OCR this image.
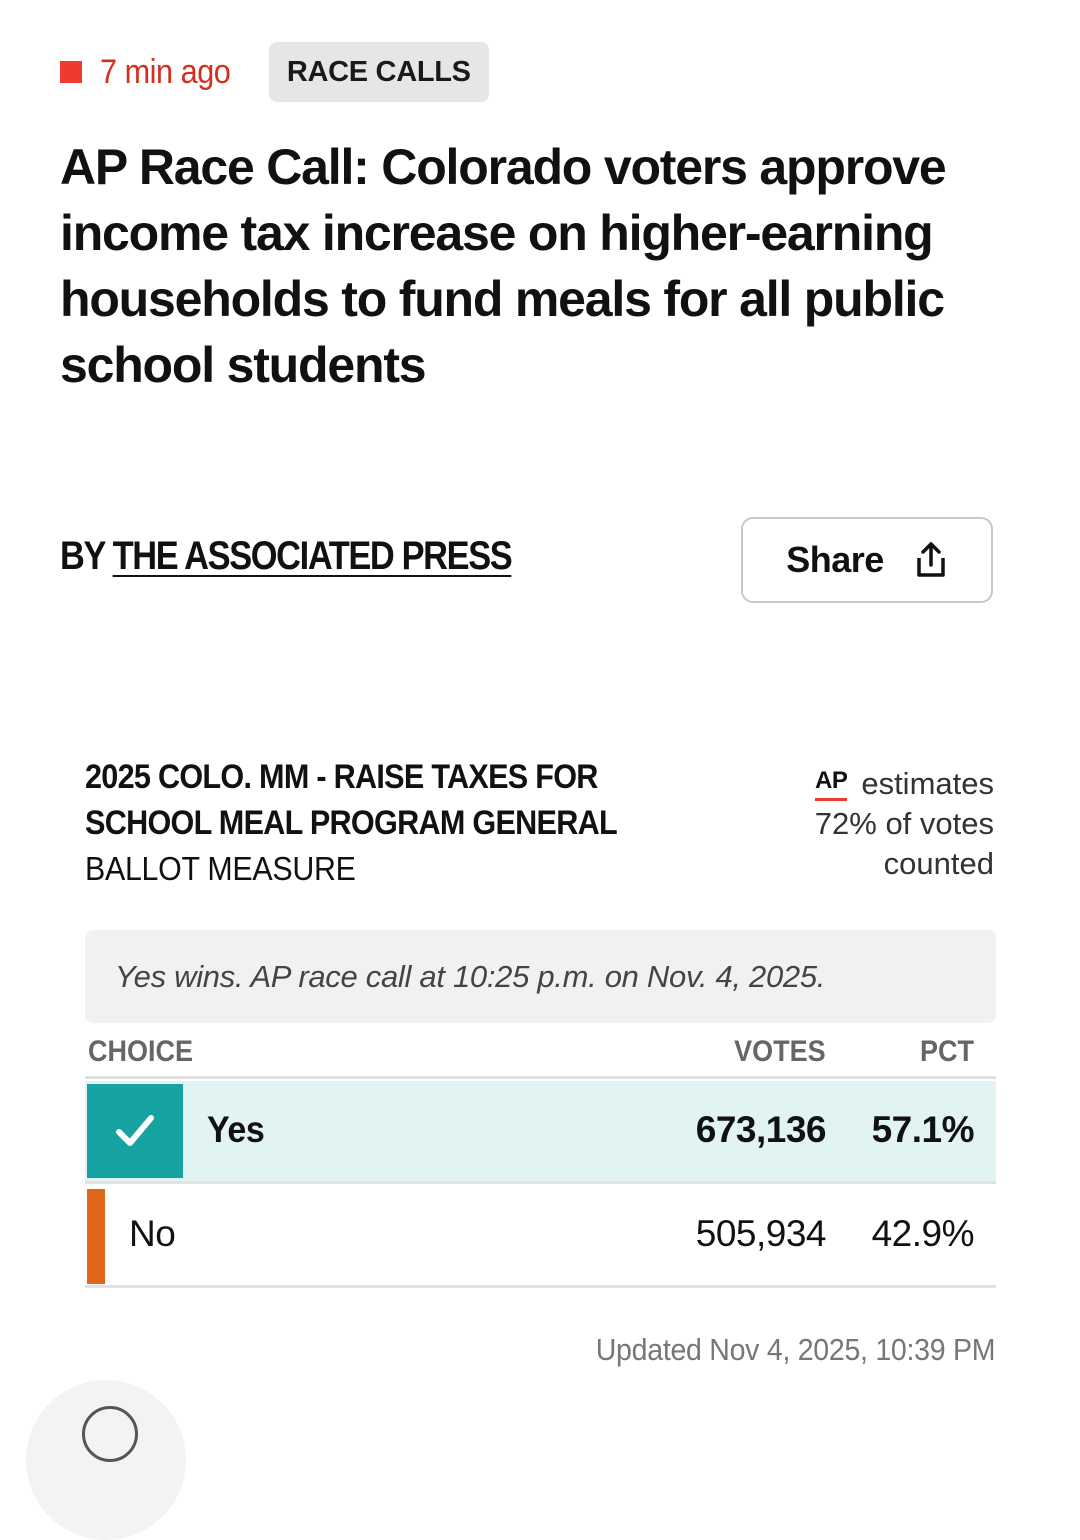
7 min ago	RACE CALLS
AP Race Call: Colorado voters approve income tax increase on higher-earning households to fund meals for all public school students
BY THE ASSOCIATED PRESS	Share
2025 COLO. MM - RAISE TAXES FOR SCHOOL MEAL PROGRAM GENERAL
BALLOT MEASURE
AP estimates
72% of votes
counted
Yes wins. AP race call at 10:25 p.m. on Nov. 4, 2025.
CHOICE	VOTES	PCT
Yes	673,136 57.1%
No	505,934 42.9%
Updated Nov 4, 2025, 10:39 PM
